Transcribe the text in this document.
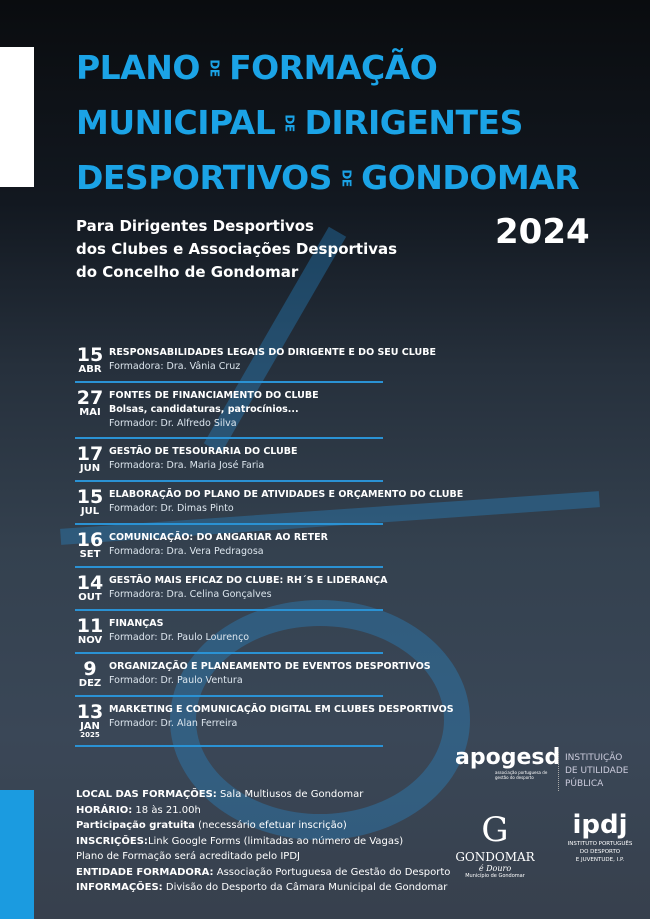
PLANO DE FORMAÇÃO
MUNICIPAL DE DIRIGENTES
DESPORTIVOS DE GONDOMAR
Para Dirigentes Desportivos
dos Clubes e Associações Desportivas
do Concelho de Gondomar
2024
15
ABR
RESPONSABILIDADES LEGAIS DO DIRIGENTE E DO SEU CLUBE
Formadora: Dra. Vânia Cruz
27
MAI
FONTES DE FINANCIAMENTO DO CLUBE
Bolsas, candidaturas, patrocínios...
Formador: Dr. Alfredo Silva
17
JUN
GESTÃO DE TESOURARIA DO CLUBE
Formadora: Dra. Maria José Faria
15
JUL
ELABORAÇÃO DO PLANO DE ATIVIDADES E ORÇAMENTO DO CLUBE
Formador: Dr. Dimas Pinto
16
SET
COMUNICAÇÃO: DO ANGARIAR AO RETER
Formadora: Dra. Vera Pedragosa
14
OUT
GESTÃO MAIS EFICAZ DO CLUBE: RH´S E LIDERANÇA
Formadora: Dra. Celina Gonçalves
11
NOV
FINANÇAS
Formador: Dr. Paulo Lourenço
9
DEZ
ORGANIZAÇÃO E PLANEAMENTO DE EVENTOS DESPORTIVOS
Formador: Dr. Paulo Ventura
13
JAN
2025
MARKETING E COMUNICAÇÃO DIGITAL EM CLUBES DESPORTIVOS
Formador: Dr. Alan Ferreira
LOCAL DAS FORMAÇÕES: Sala Multiusos de Gondomar
HORÁRIO: 18 às 21.00h
Participação gratuita (necessário efetuar inscrição)
INSCRIÇÕES:Link Google Forms (limitadas ao número de Vagas)
Plano de Formação será acreditado pelo IPDJ
ENTIDADE FORMADORA: Associação Portuguesa de Gestão do Desporto
INFORMAÇÕES: Divisão do Desporto da Câmara Municipal de Gondomar
apogesd
associação portuguesa de gestão do desporto
INSTITUIÇÃO
DE UTILIDADE
PÚBLICA
G
GONDOMAR
é Douro
Município de Gondomar
ipdj
INSTITUTO PORTUGUÊS
DO DESPORTO
E JUVENTUDE, I.P.
